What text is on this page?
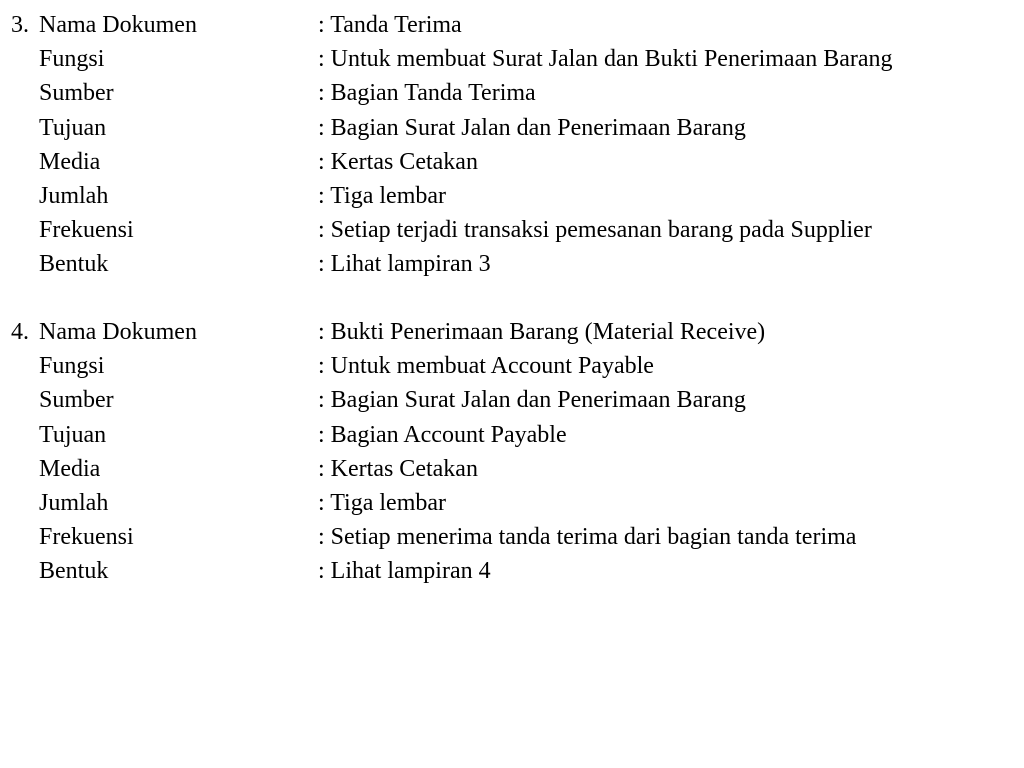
3. Nama Dokumen	: Tanda Terima
Fungsi	: Untuk membuat Surat Jalan dan Bukti Penerimaan Barang
Sumber	: Bagian Tanda Terima
Tujuan	: Bagian Surat Jalan dan Penerimaan Barang
Media	: Kertas Cetakan
Jumlah	: Tiga lembar
Frekuensi	: Setiap terjadi transaksi pemesanan barang pada Supplier
Bentuk	: Lihat lampiran 3
4. Nama Dokumen	: Bukti Penerimaan Barang (Material Receive)
Fungsi	: Untuk membuat Account Payable
Sumber	: Bagian Surat Jalan dan Penerimaan Barang
Tujuan	: Bagian Account Payable
Media	: Kertas Cetakan
Jumlah	: Tiga lembar
Frekuensi	: Setiap menerima tanda terima dari bagian tanda terima
Bentuk	: Lihat lampiran 4
